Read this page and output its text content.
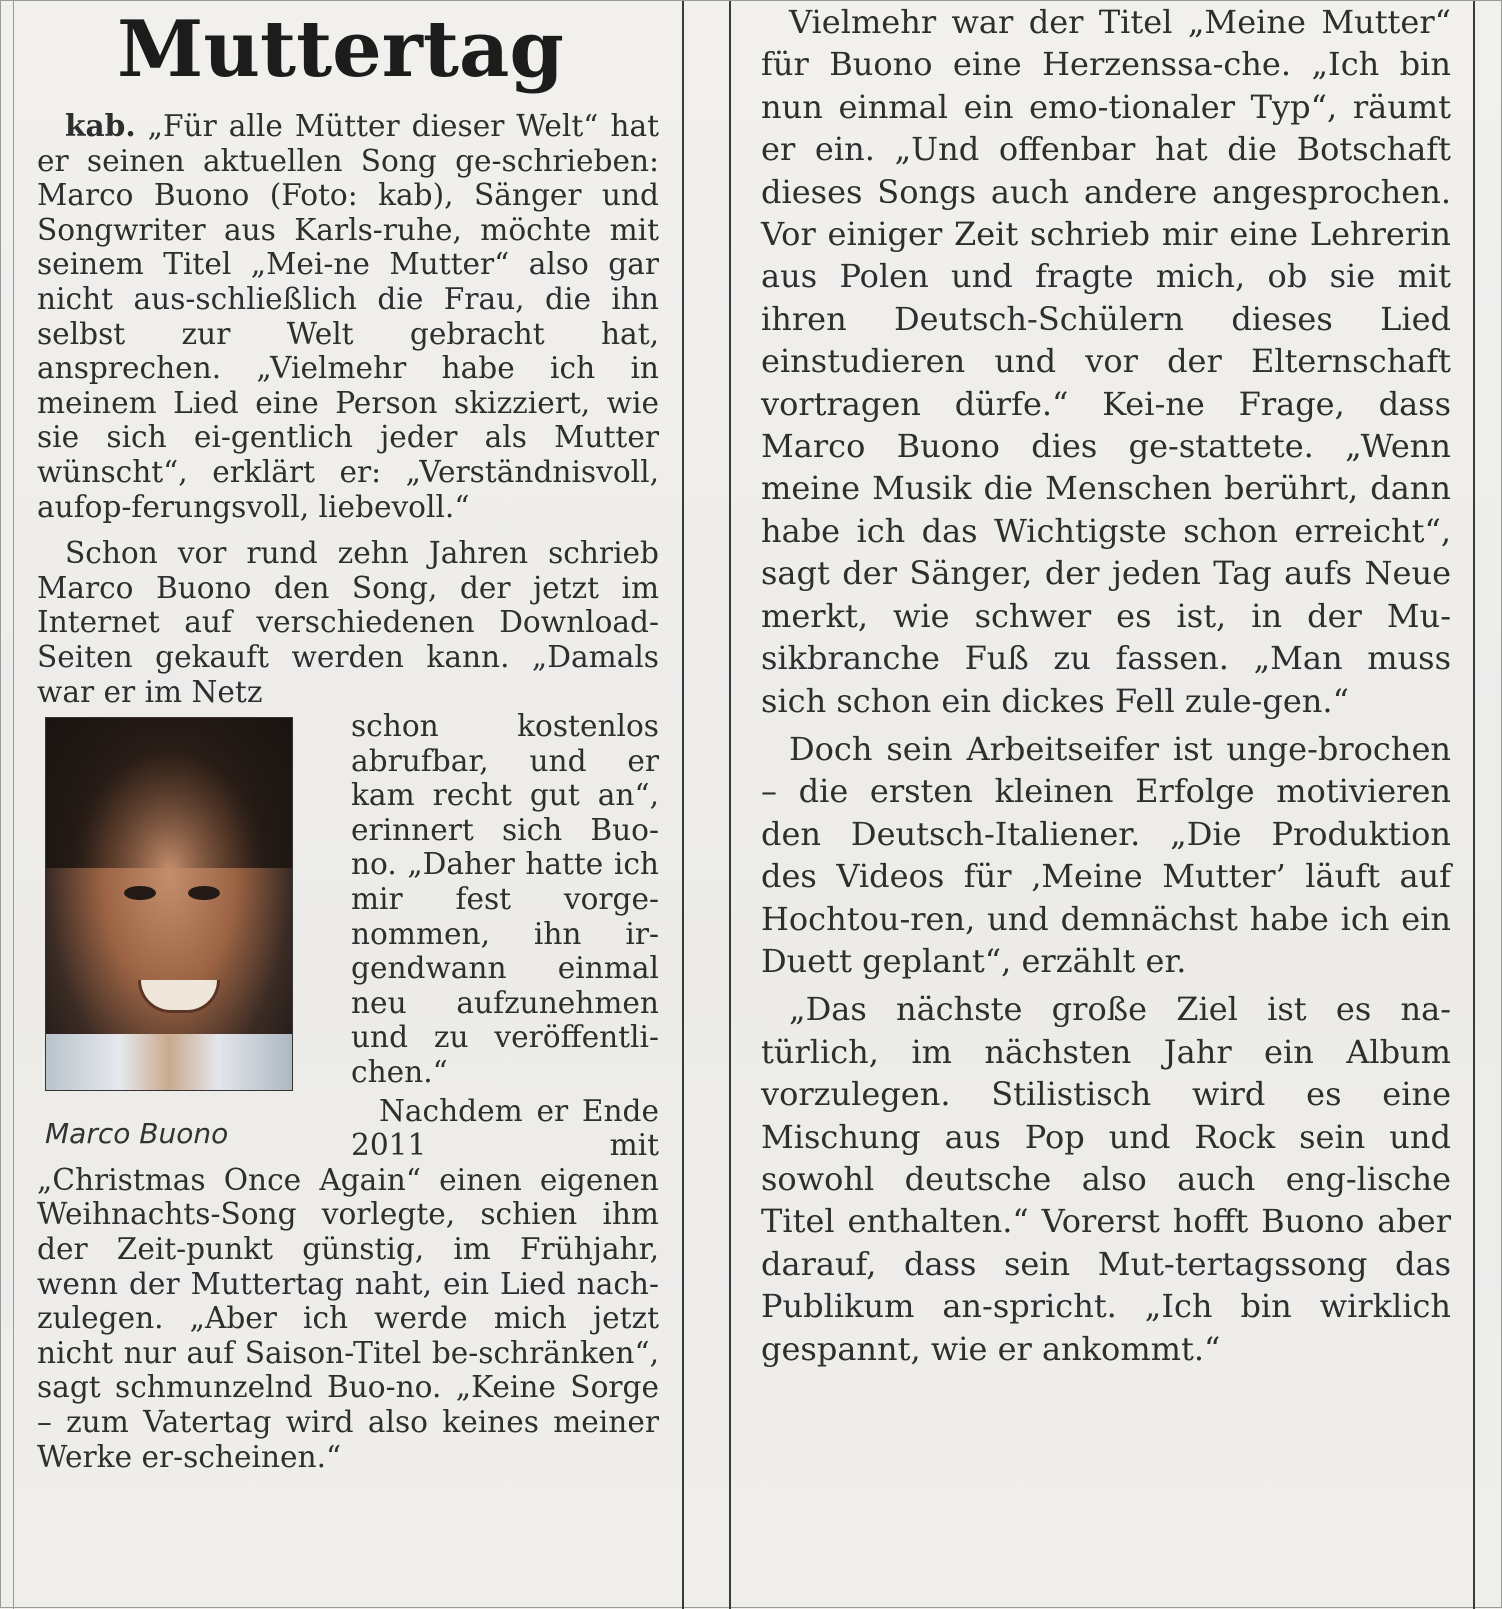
Muttertag

kab. „Für alle Mütter dieser Welt“ hat er seinen aktuellen Song ge-schrieben: Marco Buono (Foto: kab), Sänger und Songwriter aus Karls-ruhe, möchte mit seinem Titel „Mei-ne Mutter“ also gar nicht aus-schließlich die Frau, die ihn selbst zur Welt gebracht hat, ansprechen. „Vielmehr habe ich in meinem Lied eine Person skizziert, wie sie sich ei-gentlich jeder als Mutter wünscht“, erklärt er: „Verständnisvoll, aufop-ferungsvoll, liebevoll.“

Schon vor rund zehn Jahren schrieb Marco Buono den Song, der jetzt im Internet auf verschiedenen Download-Seiten gekauft werden kann. „Damals war er im Netz

Marco Buono

schon kostenlos abrufbar, und er kam recht gut an“, erinnert sich Buo-no. „Daher hatte ich mir fest vorge-nommen, ihn ir-gendwann einmal neu aufzunehmen und zu veröffentli-chen.“

Nachdem er Ende 2011 mit „Christmas Once Again“ einen eigenen Weihnachts-Song vorlegte, schien ihm der Zeit-punkt günstig, im Frühjahr, wenn der Muttertag naht, ein Lied nach-zulegen. „Aber ich werde mich jetzt nicht nur auf Saison-Titel be-schränken“, sagt schmunzelnd Buo-no. „Keine Sorge – zum Vatertag wird also keines meiner Werke er-scheinen.“

Vielmehr war der Titel „Meine Mutter“ für Buono eine Herzenssa-che. „Ich bin nun einmal ein emo-tionaler Typ“, räumt er ein. „Und offenbar hat die Botschaft dieses Songs auch andere angesprochen. Vor einiger Zeit schrieb mir eine Lehrerin aus Polen und fragte mich, ob sie mit ihren Deutsch-Schülern dieses Lied einstudieren und vor der Elternschaft vortragen dürfe.“ Kei-ne Frage, dass Marco Buono dies ge-stattete. „Wenn meine Musik die Menschen berührt, dann habe ich das Wichtigste schon erreicht“, sagt der Sänger, der jeden Tag aufs Neue merkt, wie schwer es ist, in der Mu-sikbranche Fuß zu fassen. „Man muss sich schon ein dickes Fell zule-gen.“

Doch sein Arbeitseifer ist unge-brochen – die ersten kleinen Erfolge motivieren den Deutsch-Italiener. „Die Produktion des Videos für ‚Meine Mutter’ läuft auf Hochtou-ren, und demnächst habe ich ein Duett geplant“, erzählt er.

„Das nächste große Ziel ist es na-türlich, im nächsten Jahr ein Album vorzulegen. Stilistisch wird es eine Mischung aus Pop und Rock sein und sowohl deutsche also auch eng-lische Titel enthalten.“ Vorerst hofft Buono aber darauf, dass sein Mut-tertagssong das Publikum an-spricht. „Ich bin wirklich gespannt, wie er ankommt.“
